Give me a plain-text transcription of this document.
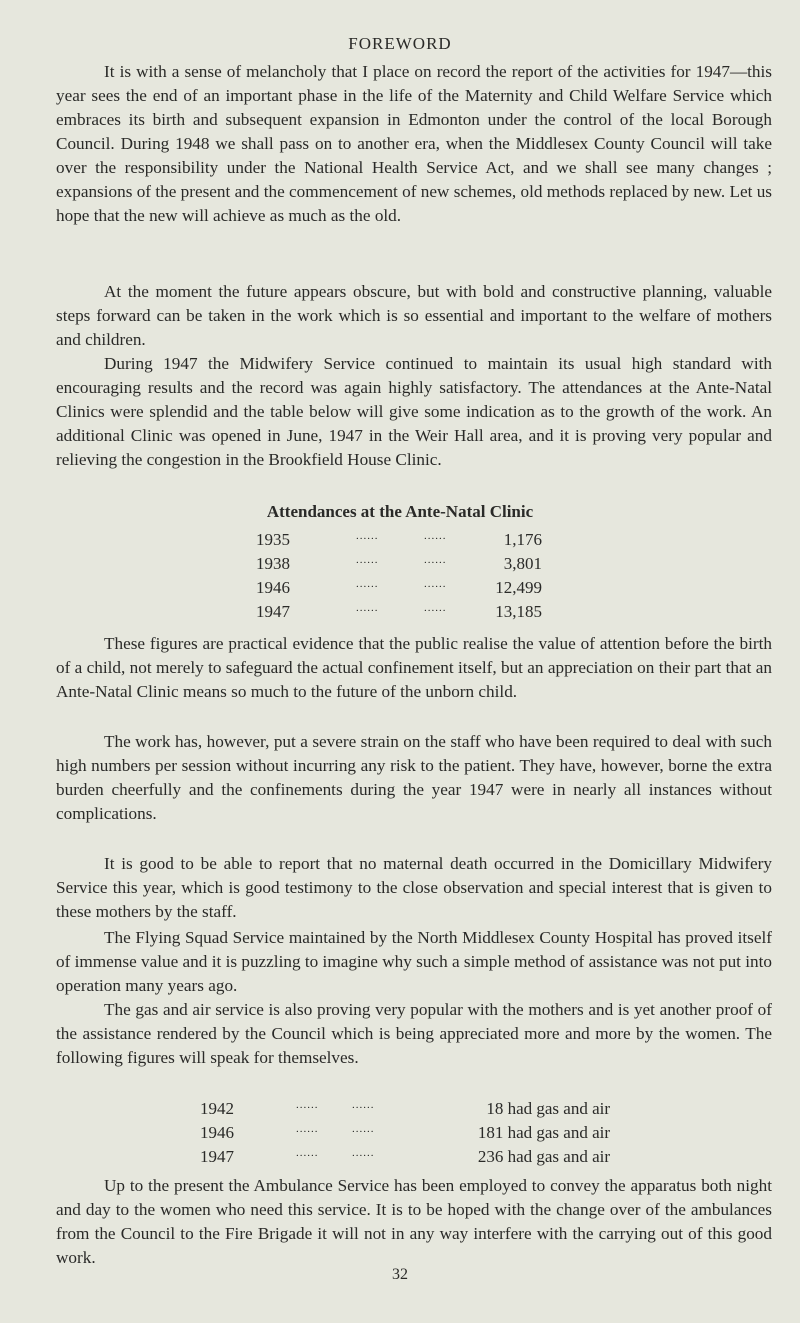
FOREWORD

It is with a sense of melancholy that I place on record the report of the activities for 1947—this year sees the end of an important phase in the life of the Maternity and Child Welfare Service which embraces its birth and subsequent expansion in Edmonton under the control of the local Borough Council. During 1948 we shall pass on to another era, when the Middlesex County Council will take over the responsibility under the National Health Service Act, and we shall see many changes ; expansions of the present and the commencement of new schemes, old methods replaced by new. Let us hope that the new will achieve as much as the old.

At the moment the future appears obscure, but with bold and constructive planning, valuable steps forward can be taken in the work which is so essential and important to the welfare of mothers and children.

During 1947 the Midwifery Service continued to maintain its usual high standard with encouraging results and the record was again highly satisfactory. The attendances at the Ante-Natal Clinics were splendid and the table below will give some indication as to the growth of the work. An additional Clinic was opened in June, 1947 in the Weir Hall area, and it is proving very popular and relieving the congestion in the Brookfield House Clinic.

Attendances at the Ante-Natal Clinic
1935	......	......	1,176
1938	......	......	3,801
1946	......	......	12,499
1947	......	......	13,185

These figures are practical evidence that the public realise the value of attention before the birth of a child, not merely to safeguard the actual confinement itself, but an appreciation on their part that an Ante-Natal Clinic means so much to the future of the unborn child.

The work has, however, put a severe strain on the staff who have been required to deal with such high numbers per session without incurring any risk to the patient. They have, however, borne the extra burden cheerfully and the confinements during the year 1947 were in nearly all instances without complications.

It is good to be able to report that no maternal death occurred in the Domicillary Midwifery Service this year, which is good testimony to the close observation and special interest that is given to these mothers by the staff.

The Flying Squad Service maintained by the North Middlesex County Hospital has proved itself of immense value and it is puzzling to imagine why such a simple method of assistance was not put into operation many years ago.

The gas and air service is also proving very popular with the mothers and is yet another proof of the assistance rendered by the Council which is being appreciated more and more by the women. The following figures will speak for themselves.

1942	......	......	18 had gas and air
1946	......	......	181 had gas and air
1947	......	......	236 had gas and air

Up to the present the Ambulance Service has been employed to convey the apparatus both night and day to the women who need this service. It is to be hoped with the change over of the ambulances from the Council to the Fire Brigade it will not in any way interfere with the carrying out of this good work.

32
